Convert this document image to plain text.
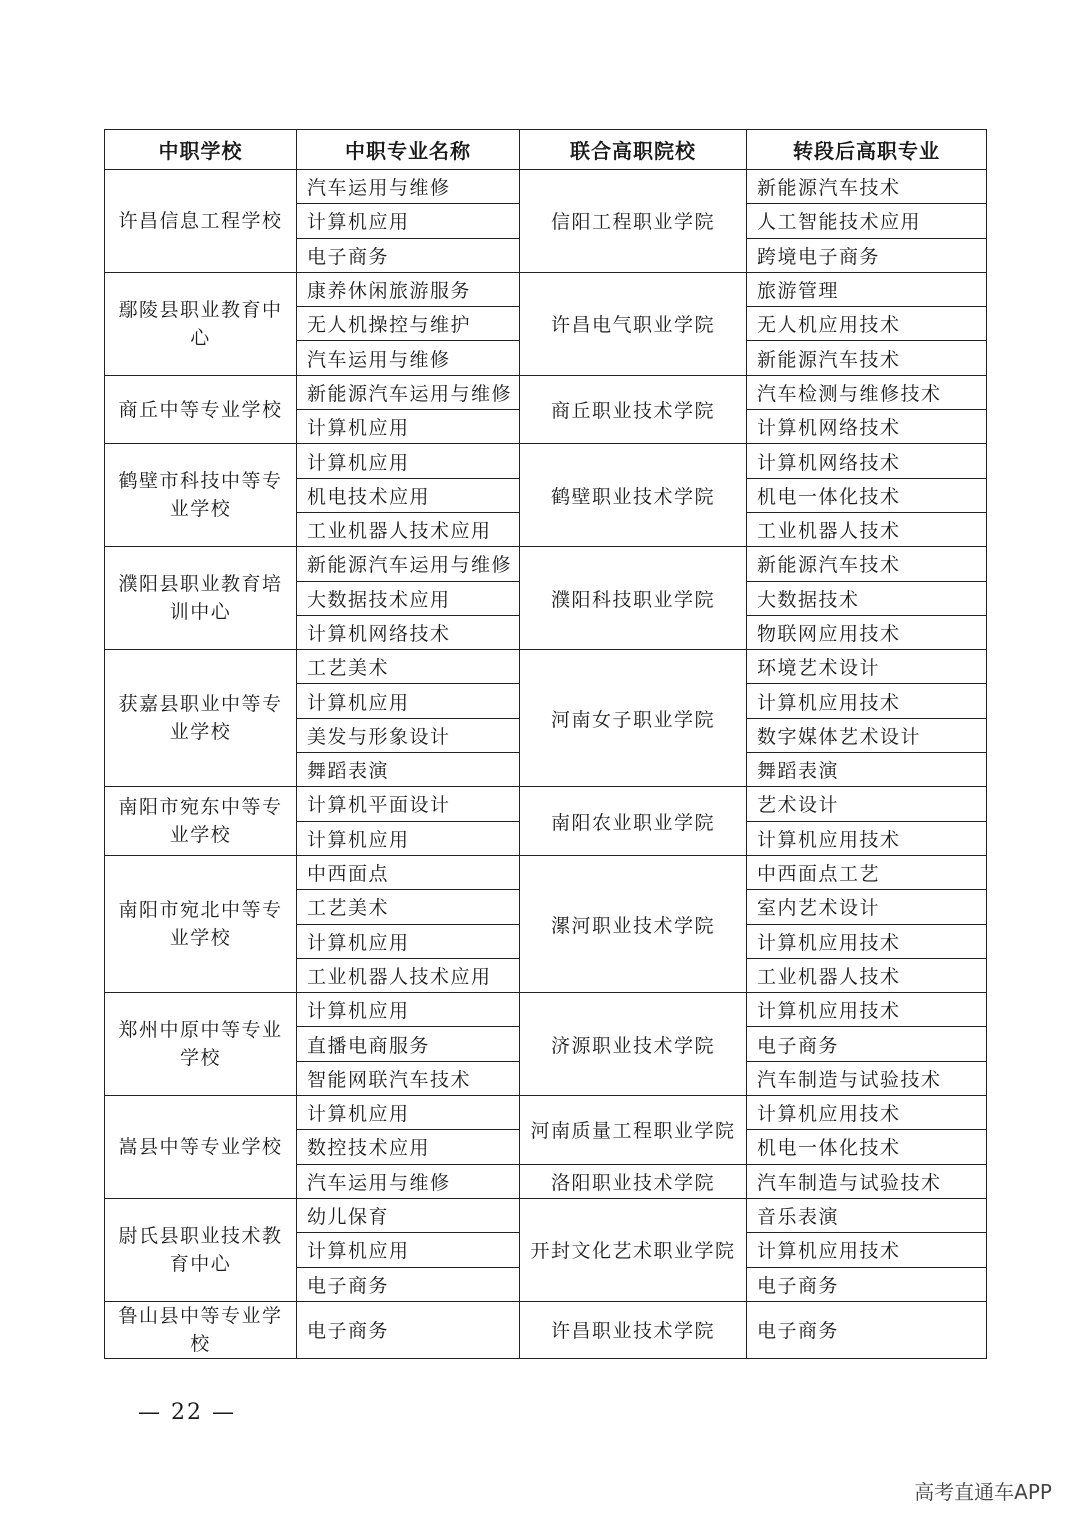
中职学校	中职专业名称	联合高职院校	转段后高职专业
许昌信息工程学校	汽车运用与维修	信阳工程职业学院	新能源汽车技术
	计算机应用		人工智能技术应用
	电子商务		跨境电子商务
鄢陵县职业教育中心	康养休闲旅游服务	许昌电气职业学院	旅游管理
	无人机操控与维护		无人机应用技术
	汽车运用与维修		新能源汽车技术
商丘中等专业学校	新能源汽车运用与维修	商丘职业技术学院	汽车检测与维修技术
	计算机应用		计算机网络技术
鹤壁市科技中等专业学校	计算机应用	鹤壁职业技术学院	计算机网络技术
	机电技术应用		机电一体化技术
	工业机器人技术应用		工业机器人技术
濮阳县职业教育培训中心	新能源汽车运用与维修	濮阳科技职业学院	新能源汽车技术
	大数据技术应用		大数据技术
	计算机网络技术		物联网应用技术
获嘉县职业中等专业学校	工艺美术	河南女子职业学院	环境艺术设计
	计算机应用		计算机应用技术
	美发与形象设计		数字媒体艺术设计
	舞蹈表演		舞蹈表演
南阳市宛东中等专业学校	计算机平面设计	南阳农业职业学院	艺术设计
	计算机应用		计算机应用技术
南阳市宛北中等专业学校	中西面点	漯河职业技术学院	中西面点工艺
	工艺美术		室内艺术设计
	计算机应用		计算机应用技术
	工业机器人技术应用		工业机器人技术
郑州中原中等专业学校	计算机应用	济源职业技术学院	计算机应用技术
	直播电商服务		电子商务
	智能网联汽车技术		汽车制造与试验技术
嵩县中等专业学校	计算机应用	河南质量工程职业学院	计算机应用技术
	数控技术应用		机电一体化技术
	汽车运用与维修	洛阳职业技术学院	汽车制造与试验技术
尉氏县职业技术教育中心	幼儿保育	开封文化艺术职业学院	音乐表演
	计算机应用		计算机应用技术
	电子商务		电子商务
鲁山县中等专业学校	电子商务	许昌职业技术学院	电子商务
— 22 —
高考直通车APP
